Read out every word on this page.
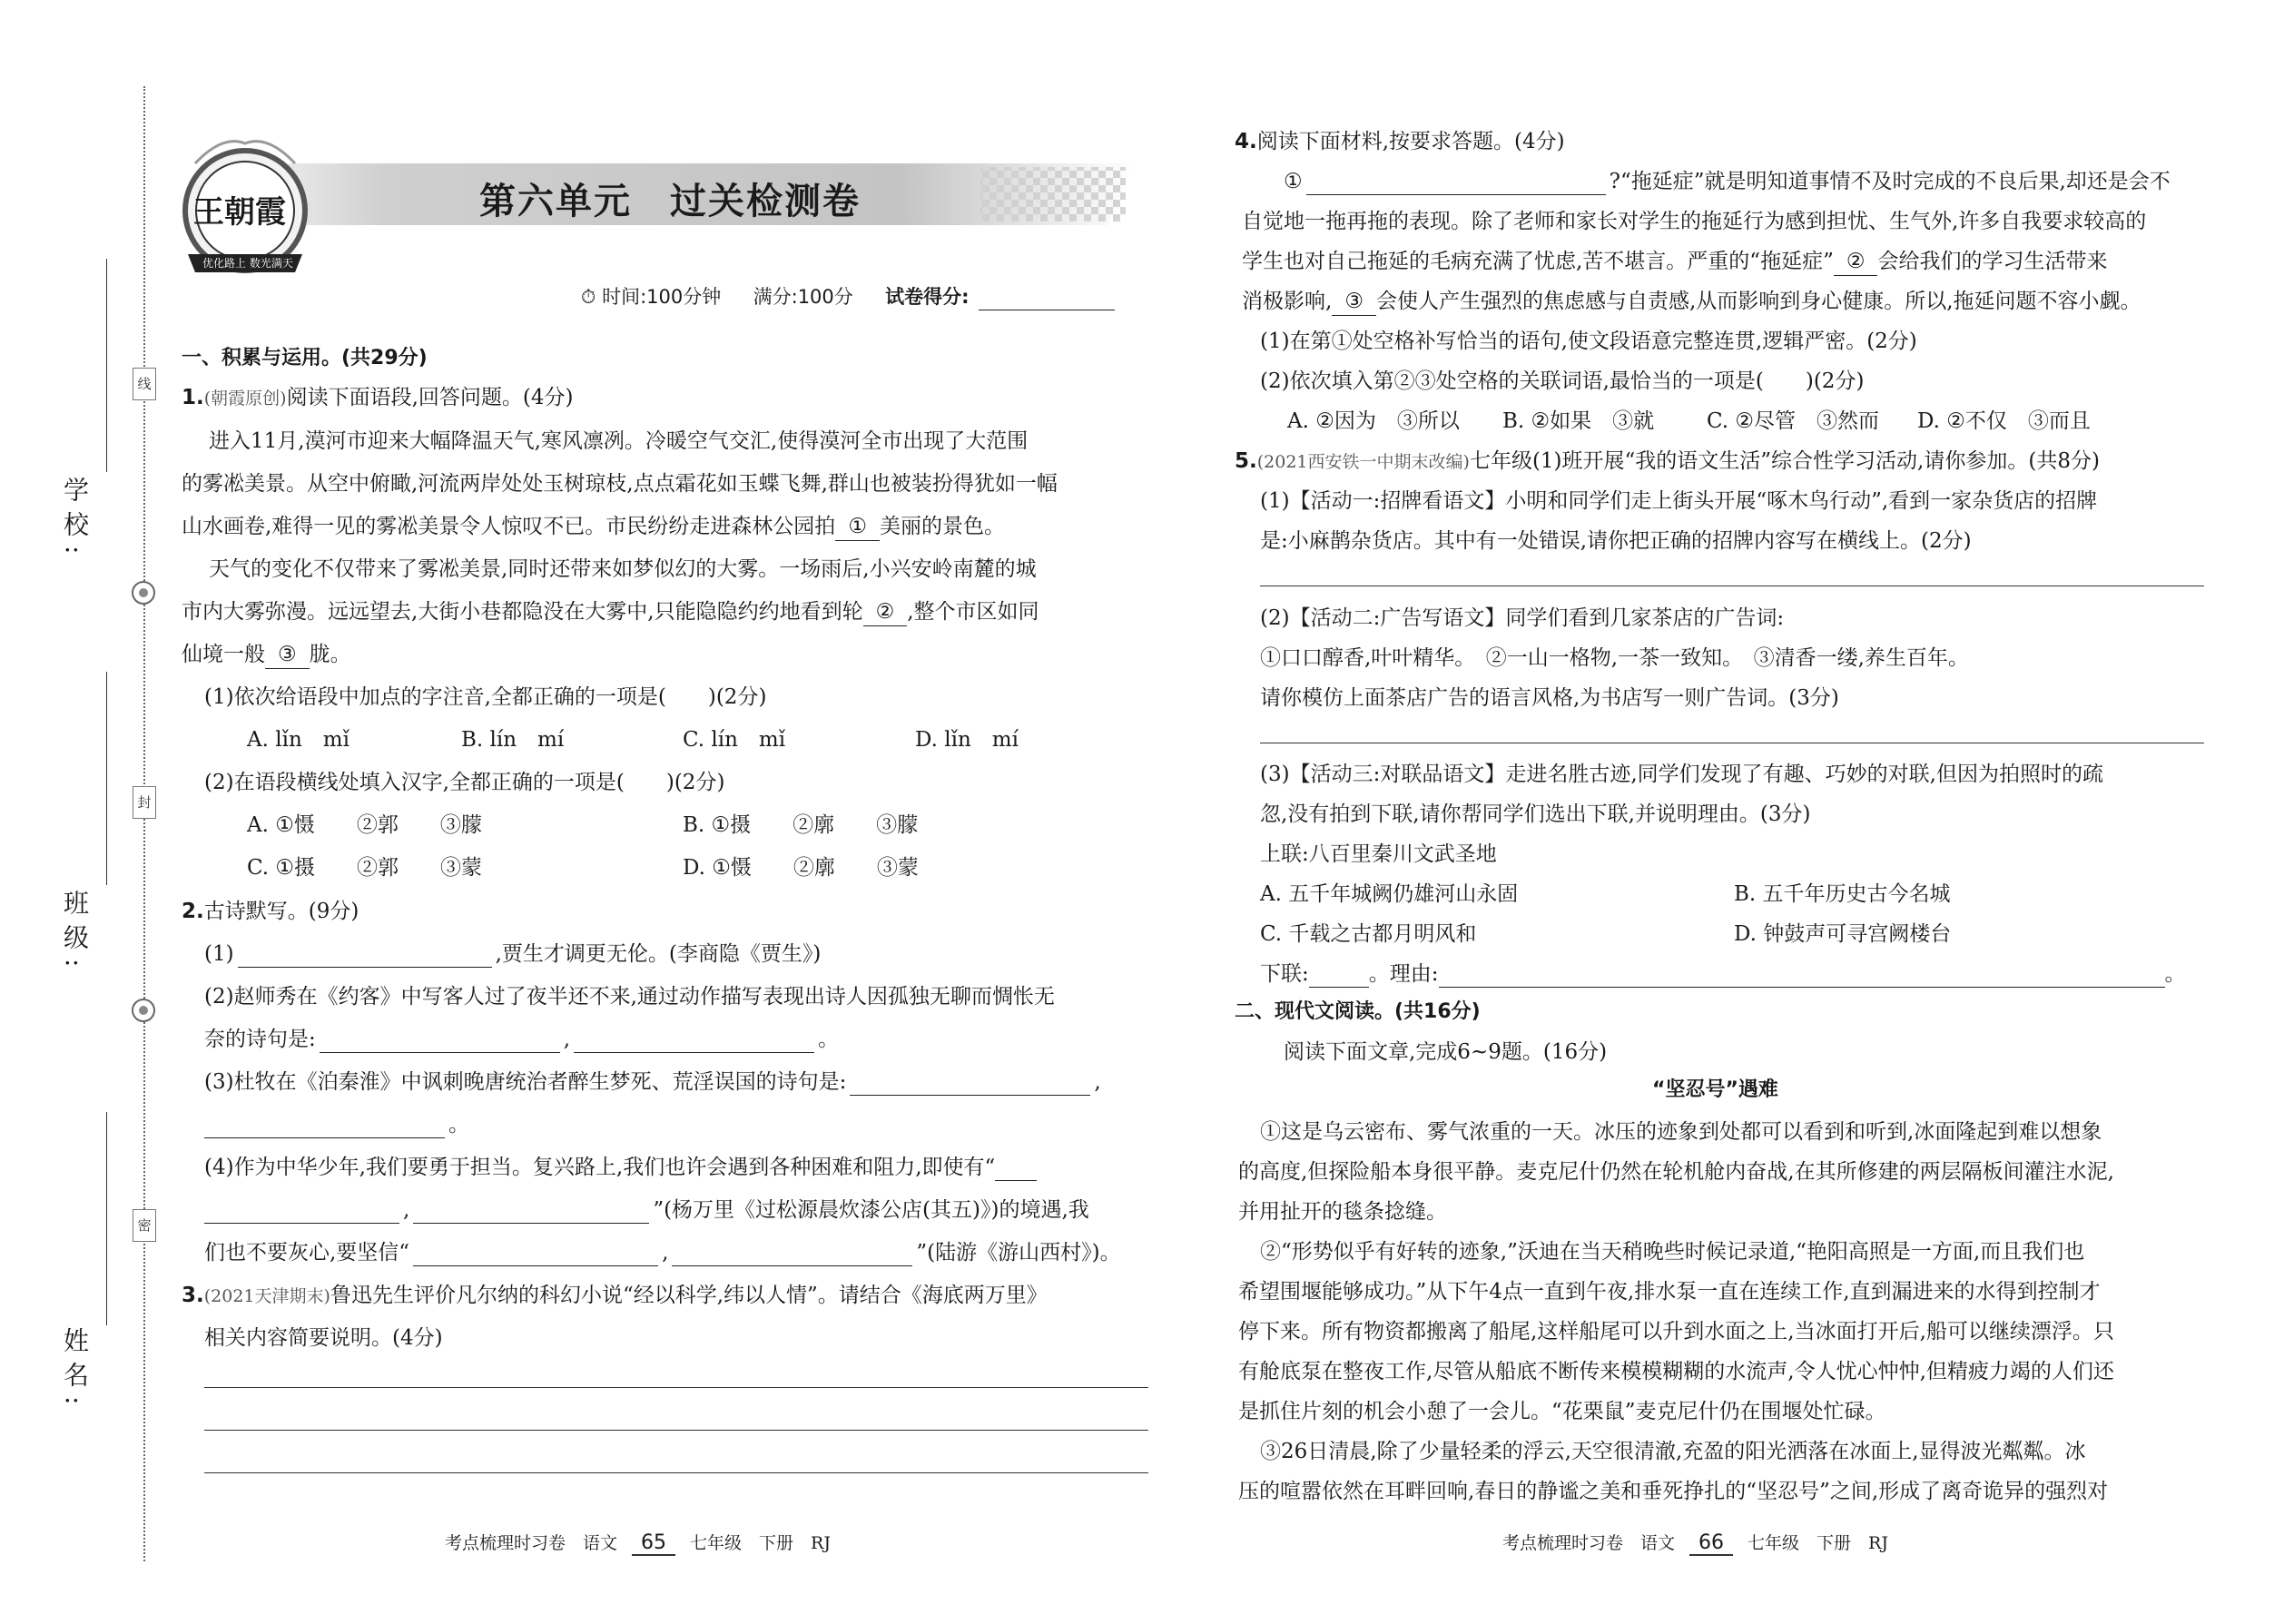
线
封
密
学校:
班级:
姓名:
第六单元　过关检测卷
王朝霞
优化路上 数光满天
⏱ 时间:100分钟 满分:100分 试卷得分:
一、积累与运用。(共29分)
1.(朝霞原创)阅读下面语段,回答问题。(4分)
进入11月,漠河市迎来大幅降温天气,寒风凛冽。冷暖空气交汇,使得漠河全市出现了大范围
的雾凇美景。从空中俯瞰,河流两岸处处玉树琼枝,点点霜花如玉蝶飞舞,群山也被装扮得犹如一幅
山水画卷,难得一见的雾凇美景令人惊叹不已。市民纷纷走进森林公园拍 ① 美丽的景色。
天气的变化不仅带来了雾凇美景,同时还带来如梦似幻的大雾。一场雨后,小兴安岭南麓的城
市内大雾弥漫。远远望去,大街小巷都隐没在大雾中,只能隐隐约约地看到轮 ② ,整个市区如同
仙境一般 ③ 胧。
(1)依次给语段中加点的字注音,全都正确的一项是(　　)(2分)
A. lǐn　mǐ	B. lín　mí	C. lín　mǐ	D. lǐn　mí
(2)在语段横线处填入汉字,全都正确的一项是(　　)(2分)
A. ①慑　　②郭　　③朦	B. ①摄　　②廓　　③朦
C. ①摄　　②郭　　③蒙	D. ①慑　　②廓　　③蒙
2.古诗默写。(9分)
(1)	,贾生才调更无伦。(李商隐《贾生》)
(2)赵师秀在《约客》中写客人过了夜半还不来,通过动作描写表现出诗人因孤独无聊而惆怅无
奈的诗句是:	,	。
(3)杜牧在《泊秦淮》中讽刺晚唐统治者醉生梦死、荒淫误国的诗句是:	,
。
(4)作为中华少年,我们要勇于担当。复兴路上,我们也许会遇到各种困难和阻力,即使有“
,	”(杨万里《过松源晨炊漆公店(其五)》)的境遇,我
们也不要灰心,要坚信“	,	”(陆游《游山西村》)。
3.(2021天津期末)鲁迅先生评价凡尔纳的科幻小说“经以科学,纬以人情”。请结合《海底两万里》
相关内容简要说明。(4分)
考点梳理时习卷　语文 65 七年级　下册　RJ
4.阅读下面材料,按要求答题。(4分)
①	?“拖延症”就是明知道事情不及时完成的不良后果,却还是会不
自觉地一拖再拖的表现。除了老师和家长对学生的拖延行为感到担忧、生气外,许多自我要求较高的
学生也对自己拖延的毛病充满了忧虑,苦不堪言。严重的“拖延症” ② 会给我们的学习生活带来
消极影响, ③ 会使人产生强烈的焦虑感与自责感,从而影响到身心健康。所以,拖延问题不容小觑。
(1)在第①处空格补写恰当的语句,使文段语意完整连贯,逻辑严密。(2分)
(2)依次填入第②③处空格的关联词语,最恰当的一项是(　　)(2分)
A. ②因为　③所以 B. ②如果　③就	C. ②尽管　③然而 D. ②不仅　③而且
5.(2021西安铁一中期末改编)七年级(1)班开展“我的语文生活”综合性学习活动,请你参加。(共8分)
(1)【活动一:招牌看语文】小明和同学们走上街头开展“啄木鸟行动”,看到一家杂货店的招牌
是:小麻鹊杂货店。其中有一处错误,请你把正确的招牌内容写在横线上。(2分)
(2)【活动二:广告写语文】同学们看到几家茶店的广告词:
①口口醇香,叶叶精华。　②一山一格物,一茶一致知。　③清香一缕,养生百年。
请你模仿上面茶店广告的语言风格,为书店写一则广告词。(3分)
(3)【活动三:对联品语文】走进名胜古迹,同学们发现了有趣、巧妙的对联,但因为拍照时的疏
忽,没有拍到下联,请你帮同学们选出下联,并说明理由。(3分)
上联:八百里秦川文武圣地
A. 五千年城阙仍雄河山永固	B. 五千年历史古今名城
C. 千载之古都月明风和	D. 钟鼓声可寻宫阙楼台
下联:	。理由:	。
二、现代文阅读。(共16分)
阅读下面文章,完成6~9题。(16分)
“坚忍号”遇难
①这是乌云密布、雾气浓重的一天。冰压的迹象到处都可以看到和听到,冰面隆起到难以想象
的高度,但探险船本身很平静。麦克尼什仍然在轮机舱内奋战,在其所修建的两层隔板间灌注水泥,
并用扯开的毯条捻缝。
②“形势似乎有好转的迹象,”沃迪在当天稍晚些时候记录道,“艳阳高照是一方面,而且我们也
希望围堰能够成功。”从下午4点一直到午夜,排水泵一直在连续工作,直到漏进来的水得到控制才
停下来。所有物资都搬离了船尾,这样船尾可以升到水面之上,当冰面打开后,船可以继续漂浮。只
有舱底泵在整夜工作,尽管从船底不断传来模模糊糊的水流声,令人忧心忡忡,但精疲力竭的人们还
是抓住片刻的机会小憩了一会儿。“花栗鼠”麦克尼什仍在围堰处忙碌。
③26日清晨,除了少量轻柔的浮云,天空很清澈,充盈的阳光洒落在冰面上,显得波光粼粼。冰
压的喧嚣依然在耳畔回响,春日的静谧之美和垂死挣扎的“坚忍号”之间,形成了离奇诡异的强烈对
考点梳理时习卷　语文 66 七年级　下册　RJ
